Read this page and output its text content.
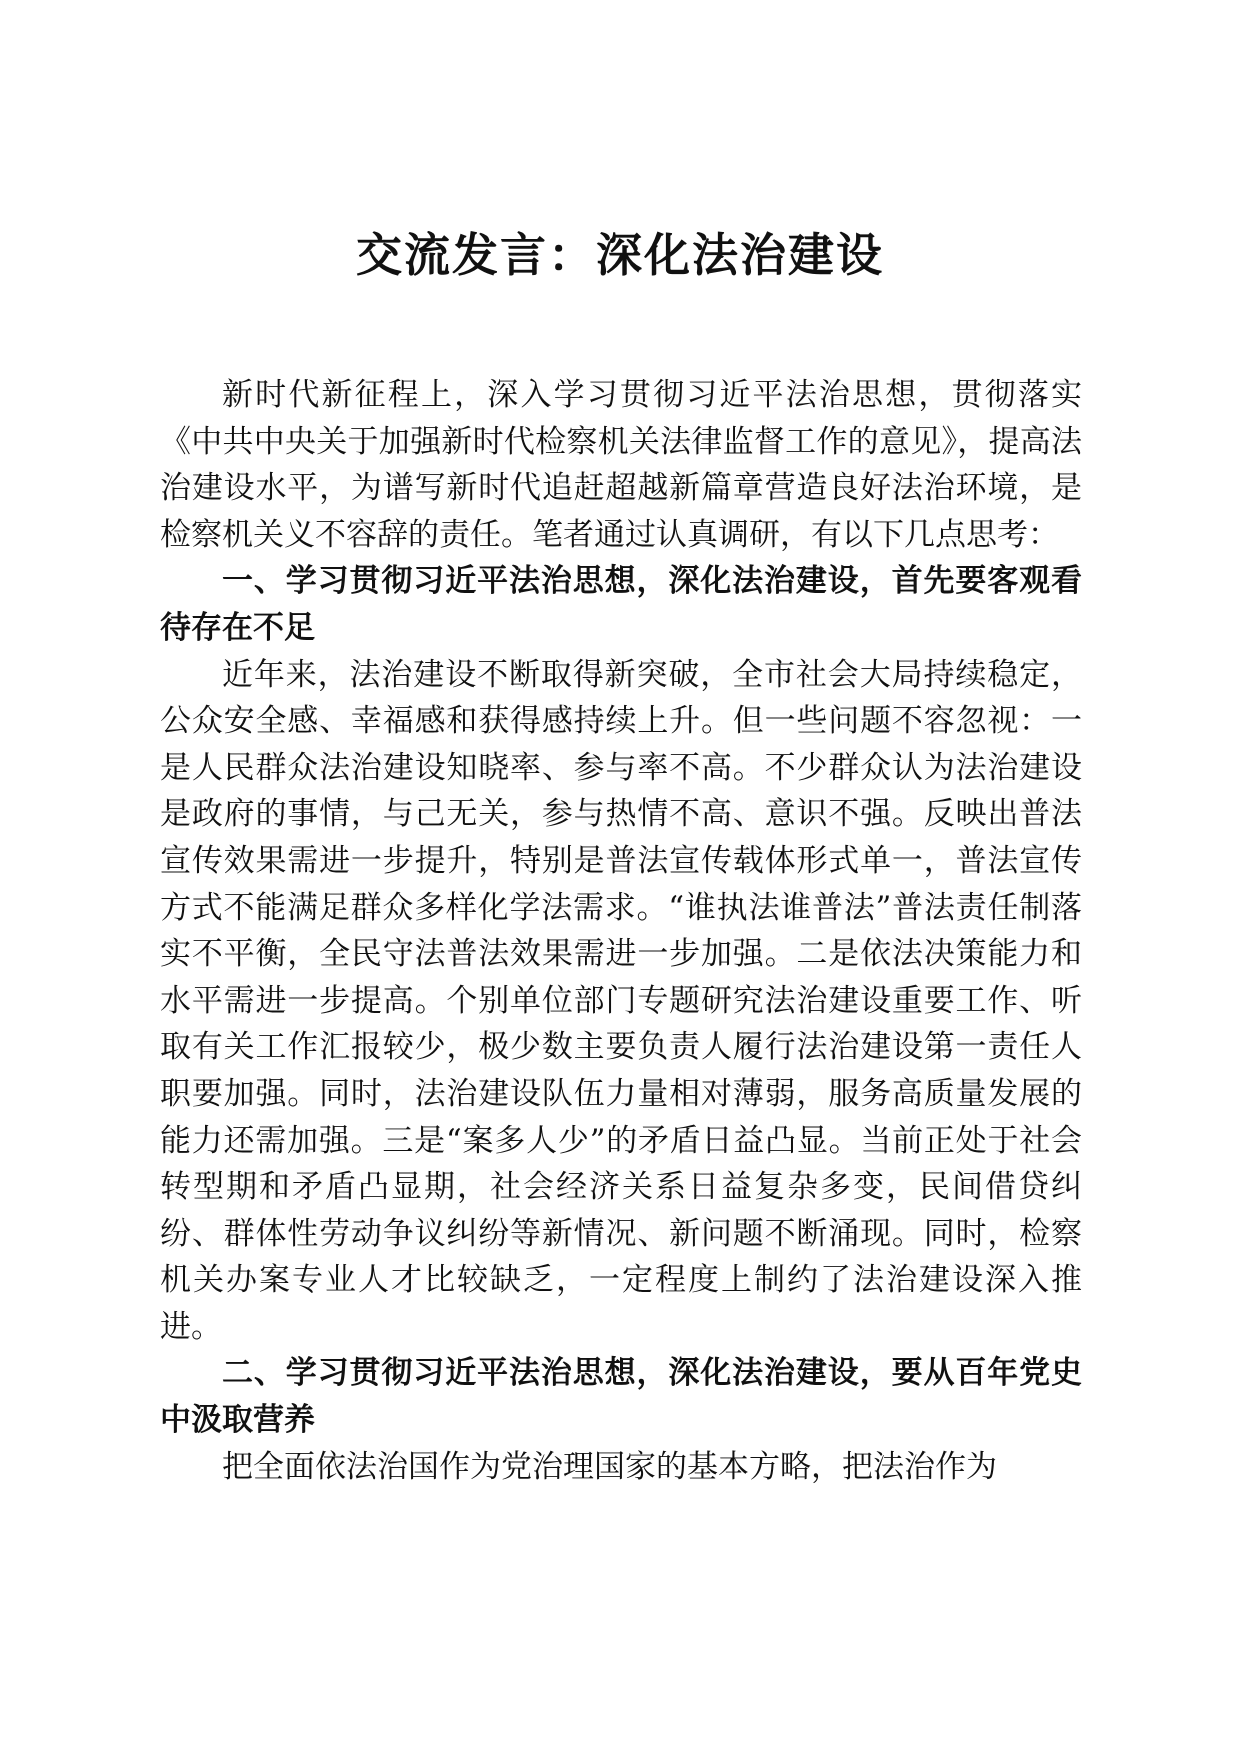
交流发言：深化法治建设

新时代新征程上，深入学习贯彻习近平法治思想，贯彻落实《中共中央关于加强新时代检察机关法律监督工作的意见》，提高法治建设水平，为谱写新时代追赶超越新篇章营造良好法治环境，是检察机关义不容辞的责任。笔者通过认真调研，有以下几点思考：

一、学习贯彻习近平法治思想，深化法治建设，首先要客观看待存在不足

近年来，法治建设不断取得新突破，全市社会大局持续稳定，公众安全感、幸福感和获得感持续上升。但一些问题不容忽视：一是人民群众法治建设知晓率、参与率不高。不少群众认为法治建设是政府的事情，与己无关，参与热情不高、意识不强。反映出普法宣传效果需进一步提升，特别是普法宣传载体形式单一，普法宣传方式不能满足群众多样化学法需求。“谁执法谁普法”普法责任制落实不平衡，全民守法普法效果需进一步加强。二是依法决策能力和水平需进一步提高。个别单位部门专题研究法治建设重要工作、听取有关工作汇报较少，极少数主要负责人履行法治建设第一责任人职要加强。同时，法治建设队伍力量相对薄弱，服务高质量发展的能力还需加强。三是“案多人少”的矛盾日益凸显。当前正处于社会转型期和矛盾凸显期，社会经济关系日益复杂多变，民间借贷纠纷、群体性劳动争议纠纷等新情况、新问题不断涌现。同时，检察机关办案专业人才比较缺乏，一定程度上制约了法治建设深入推进。

二、学习贯彻习近平法治思想，深化法治建设，要从百年党史中汲取营养

把全面依法治国作为党治理国家的基本方略，把法治作为
